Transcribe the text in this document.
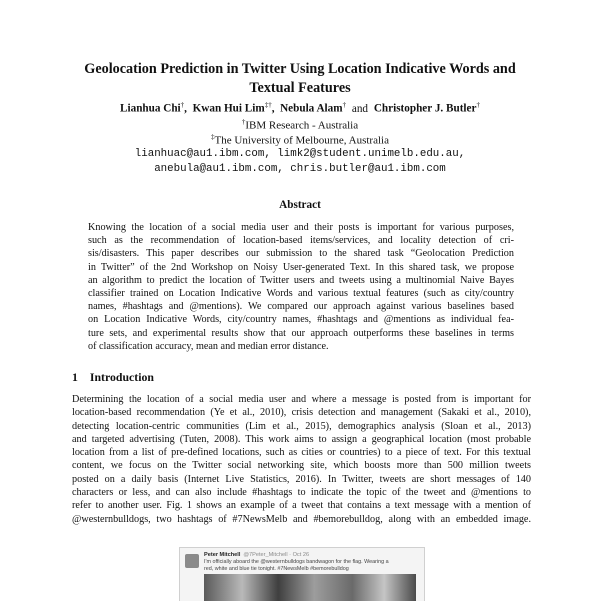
Geolocation Prediction in Twitter Using Location Indicative Words and
Textual Features
Lianhua Chi†,  Kwan Hui Lim‡†,  Nebula Alam† and Christopher J. Butler†
†IBM Research - Australia
‡The University of Melbourne, Australia
lianhuac@au1.ibm.com, limk2@student.unimelb.edu.au,
anebula@au1.ibm.com, chris.butler@au1.ibm.com
Abstract
Knowing the location of a social media user and their posts is important for various purposes,
such as the recommendation of location-based items/services, and locality detection of cri-
sis/disasters. This paper describes our submission to the shared task “Geolocation Prediction
in Twitter” of the 2nd Workshop on Noisy User-generated Text. In this shared task, we propose
an algorithm to predict the location of Twitter users and tweets using a multinomial Naive Bayes
classifier trained on Location Indicative Words and various textual features (such as city/country
names, #hashtags and @mentions). We compared our approach against various baselines based
on Location Indicative Words, city/country names, #hashtags and @mentions as individual fea-
ture sets, and experimental results show that our approach outperforms these baselines in terms
of classification accuracy, mean and median error distance.
1 Introduction
Determining the location of a social media user and where a message is posted from is important for
location-based recommendation (Ye et al., 2010), crisis detection and management (Sakaki et al., 2010),
detecting location-centric communities (Lim et al., 2015), demographics analysis (Sloan et al., 2013)
and targeted advertising (Tuten, 2008). This work aims to assign a geographical location (most probable
location from a list of pre-defined locations, such as cities or countries) to a piece of text. For this textual
content, we focus on the Twitter social networking site, which boosts more than 500 million tweets
posted on a daily basis (Internet Live Statistics, 2016). In Twitter, tweets are short messages of 140
characters or less, and can also include #hashtags to indicate the topic of the tweet and @mentions to
refer to another user. Fig. 1 shows an example of a tweet that contains a text message with a mention of
@westernbulldogs, two hashtags of #7NewsMelb and #bemorebulldog, along with an embedded image.
Peter Mitchell @7Peter_Mitchell · Oct 26
I'm officially aboard the @westernbulldogs bandwagon for the flag. Wearing a
red, white and blue tie tonight. #7NewsMelb #bemorebulldog
